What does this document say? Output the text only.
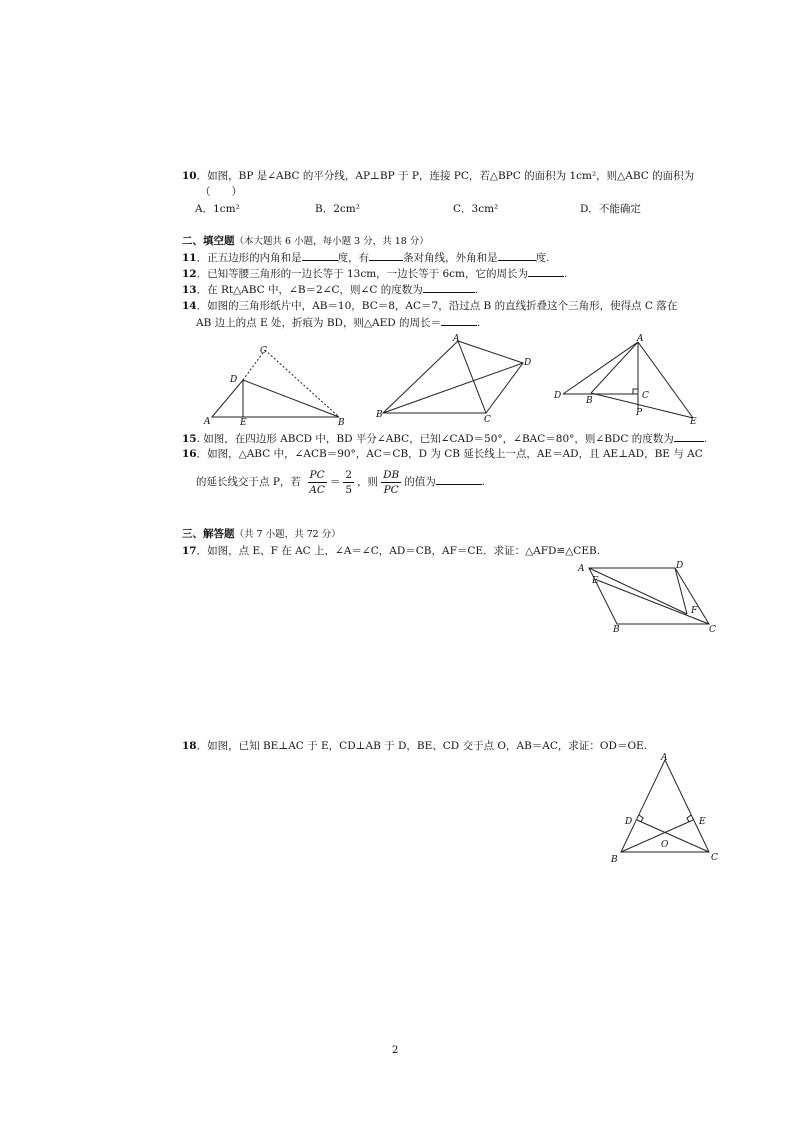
10．如图，BP 是∠ABC 的平分线，AP⊥BP 于 P，连接 PC，若△BPC 的面积为 1cm²，则△ABC 的面积为
（　　）
A．1cm²	B．2cm²	C．3cm²	D．不能确定
二、填空题（本大题共 6 小题，每小题 3 分，共 18 分）
11．正五边形的内角和是	度，有	条对角线，外角和是	度.
12．已知等腰三角形的一边长等于 13cm，一边长等于 6cm，它的周长为	.
13．在 Rt△ABC 中，∠B＝2∠C，则∠C 的度数为	.
14．如图的三角形纸片中，AB＝10，BC＝8，AC＝7，沿过点 B 的直线折叠这个三角形，使得点 C 落在
AB 边上的点 E 处，折痕为 BD，则△AED 的周长＝	.
C
D
A	E	B
A
D
B	C
A
C
D	B
P
E
15. 如图，在四边形 ABCD 中，BD 平分∠ABC，已知∠CAD＝50°，∠BAC＝80°，则∠BDC 的度数为	.
16．如图，△ABC 中，∠ACB＝90°，AC＝CB，D 为 CB 延长线上一点，AE＝AD，且 AE⊥AD，BE 与 AC
的延长线交于点 P，若 $\frac{PC}{AC} = \frac{2}{5}$ ，则 $\frac{DB}{PC}$ 的值为	.
三、解答题（共 7 小题，共 72 分）
17．如图，点 E、F 在 AC 上，∠A＝∠C，AD＝CB，AF＝CE．求证：△AFD≌△CEB.
A	D
E
F
B	C
18．如图，已知 BE⊥AC 于 E，CD⊥AB 于 D，BE、CD 交于点 O，AB＝AC，求证：OD＝OE.
A
D	E
O
B	C
2
